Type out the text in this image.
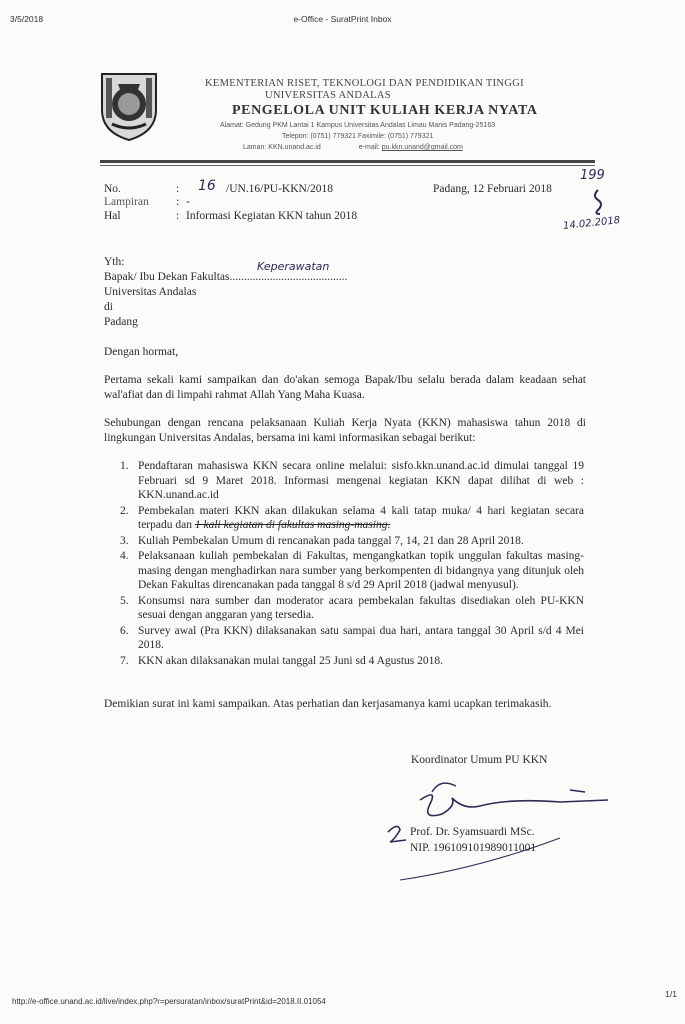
3/5/2018	e-Office - SuratPrint Inbox
KEMENTERIAN RISET, TEKNOLOGI DAN PENDIDIKAN TINGGI
UNIVERSITAS ANDALAS
PENGELOLA UNIT KULIAH KERJA NYATA
Alamat: Gedung PKM Lantai 1 Kampus Universitas Andalas Limau Manis Padang-25163
Telepon: (0751) 779321 Faximile: (0751) 779321
Laman: KKN.unand.ac.id	e-mail: pu.kkn.unand@gmail.com
No.	: 16 /UN.16/PU-KKN/2018
Lampiran : -
Hal	: Informasi Kegiatan KKN tahun 2018
Padang, 12 Februari 2018
199
14.02.2018
Yth:
Bapak/ Ibu Dekan Fakultas.........................................
Keperawatan
Universitas Andalas
di
Padang
Dengan hormat,
Pertama sekali kami sampaikan dan do'akan semoga Bapak/Ibu selalu berada dalam keadaan sehat wal'afiat dan di limpahi rahmat Allah Yang Maha Kuasa.
Sehubungan dengan rencana pelaksanaan Kuliah Kerja Nyata (KKN) mahasiswa tahun 2018 di lingkungan Universitas Andalas, bersama ini kami informasikan sebagai berikut:
1. Pendaftaran mahasiswa KKN secara online melalui: sisfo.kkn.unand.ac.id dimulai tanggal 19 Februari sd 9 Maret 2018. Informasi mengenai kegiatan KKN dapat dilihat di web : KKN.unand.ac.id
2. Pembekalan materi KKN akan dilakukan selama 4 kali tatap muka/ 4 hari kegiatan secara terpadu dan 1 kali kegiatan di fakultas masing-masing.
3. Kuliah Pembekalan Umum di rencanakan pada tanggal 7, 14, 21 dan 28 April 2018.
4. Pelaksanaan kuliah pembekalan di Fakultas, mengangkatkan topik unggulan fakultas masing-masing dengan menghadirkan nara sumber yang berkompenten di bidangnya yang ditunjuk oleh Dekan Fakultas direncanakan pada tanggal 8 s/d 29 April 2018 (jadwal menyusul).
5. Konsumsi nara sumber dan moderator acara pembekalan fakultas disediakan oleh PU-KKN sesuai dengan anggaran yang tersedia.
6. Survey awal (Pra KKN) dilaksanakan satu sampai dua hari, antara tanggal 30 April s/d 4 Mei 2018.
7. KKN akan dilaksanakan mulai tanggal 25 Juni sd 4 Agustus 2018.
Demikian surat ini kami sampaikan. Atas perhatian dan kerjasamanya kami ucapkan terimakasih.
Koordinator Umum PU KKN
Prof. Dr. Syamsuardi MSc.
NIP. 196109101989011001
http://e-office.unand.ac.id/live/index.php?r=persuratan/inbox/suratPrint&id=2018.II.01054
1/1
